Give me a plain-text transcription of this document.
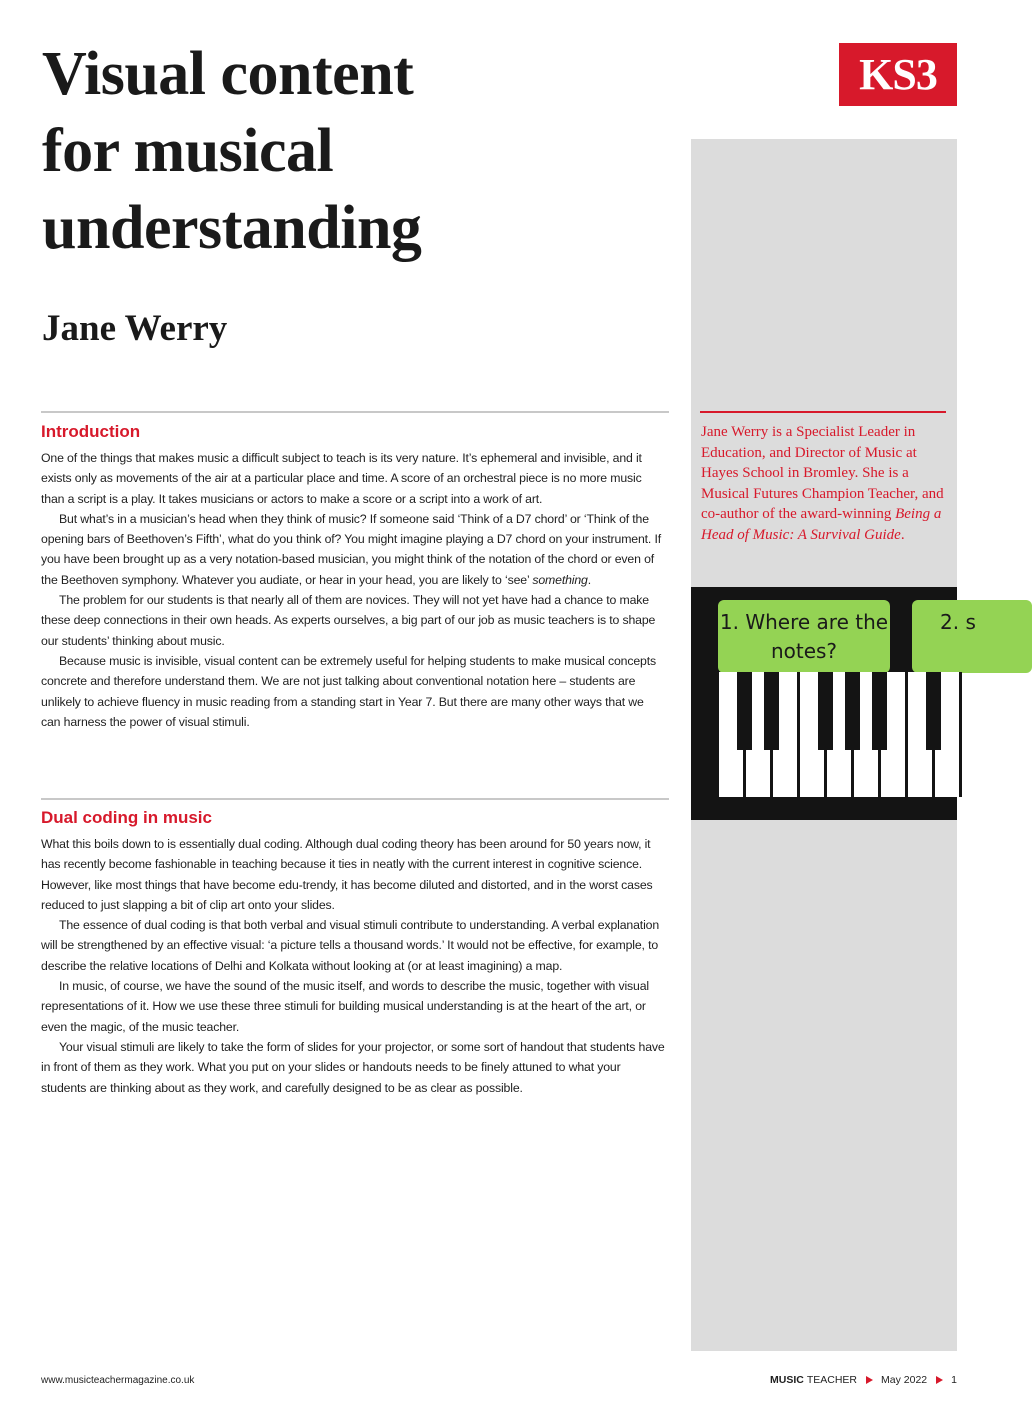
Visual content
for musical
understanding
Jane Werry
KS3

Jane Werry is a Specialist Leader in Education, and Director of Music at Hayes School in Bromley. She is a Musical Futures Champion Teacher, and co-author of the award-winning Being a Head of Music: A Survival Guide.

1. Where are the notes?
2. s
Introduction

One of the things that makes music a difficult subject to teach is its very nature. It’s ephemeral and invisible, and it exists only as movements of the air at a particular place and time. A score of an orchestral piece is no more music than a script is a play. It takes musicians or actors to make a score or a script into a work of art.

But what’s in a musician’s head when they think of music? If someone said ‘Think of a D7 chord’ or ‘Think of the opening bars of Beethoven’s Fifth’, what do you think of? You might imagine playing a D7 chord on your instrument. If you have been brought up as a very notation-based musician, you might think of the notation of the chord or even of the Beethoven symphony. Whatever you audiate, or hear in your head, you are likely to ‘see’ something.

The problem for our students is that nearly all of them are novices. They will not yet have had a chance to make these deep connections in their own heads. As experts ourselves, a big part of our job as music teachers is to shape our students’ thinking about music.

Because music is invisible, visual content can be extremely useful for helping students to make musical concepts concrete and therefore understand them. We are not just talking about conventional notation here – students are unlikely to achieve fluency in music reading from a standing start in Year 7. But there are many other ways that we can harness the power of visual stimuli.

Dual coding in music

What this boils down to is essentially dual coding. Although dual coding theory has been around for 50 years now, it has recently become fashionable in teaching because it ties in neatly with the current interest in cognitive science. However, like most things that have become edu-trendy, it has become diluted and distorted, and in the worst cases reduced to just slapping a bit of clip art onto your slides.

The essence of dual coding is that both verbal and visual stimuli contribute to understanding. A verbal explanation will be strengthened by an effective visual: ‘a picture tells a thousand words.’ It would not be effective, for example, to describe the relative locations of Delhi and Kolkata without looking at (or at least imagining) a map.

In music, of course, we have the sound of the music itself, and words to describe the music, together with visual representations of it. How we use these three stimuli for building musical understanding is at the heart of the art, or even the magic, of the music teacher.

Your visual stimuli are likely to take the form of slides for your projector, or some sort of handout that students have in front of them as they work. What you put on your slides or handouts needs to be finely attuned to what your students are thinking about as they work, and carefully designed to be as clear as possible.

www.musicteachermagazine.co.uk	MUSIC TEACHER May 2022 1
